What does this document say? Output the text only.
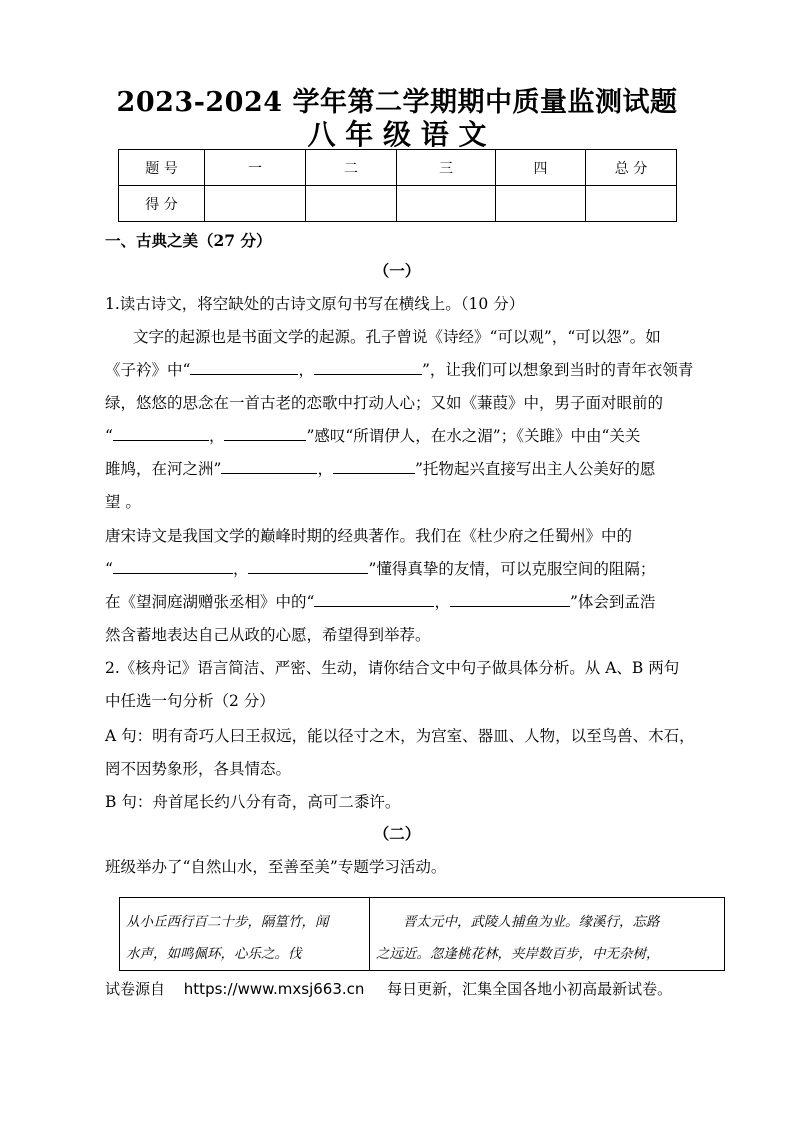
2023-2024 学年第二学期期中质量监测试题
八 年 级 语 文
题 号	一	二	三	四	总 分
得 分					
一、古典之美（27 分）
（一）
1.读古诗文，将空缺处的古诗文原句书写在横线上。（10 分）
文字的起源也是书面文学的起源。孔子曾说《诗经》“可以观”，“可以怨”。如
《子衿》中“	，	”，让我们可以想象到当时的青年衣领青
绿，悠悠的思念在一首古老的恋歌中打动人心；又如《蒹葭》中，男子面对眼前的
“	，	”感叹“所谓伊人，在水之湄”；《关雎》中由“关关
雎鸠，在河之洲”	，	”托物起兴直接写出主人公美好的愿
望 。
唐宋诗文是我国文学的巅峰时期的经典著作。我们在《杜少府之任蜀州》中的
“	，	”懂得真挚的友情，可以克服空间的阻隔；
在《望洞庭湖赠张丞相》中的“	，	”体会到孟浩
然含蓄地表达自己从政的心愿，希望得到举荐。
2.《核舟记》语言简洁、严密、生动，请你结合文中句子做具体分析。从 A、B 两句
中任选一句分析（2 分）
A 句：明有奇巧人曰王叔远，能以径寸之木，为宫室、器皿、人物，以至鸟兽、木石，
罔不因势象形，各具情态。
B 句：舟首尾长约八分有奇，高可二黍许。
（二）
班级举办了“自然山水，至善至美”专题学习活动。
从小丘西行百二十步，隔篁竹，闻
水声，如鸣佩环，心乐之。伐

　　晋太元中，武陵人捕鱼为业。缘溪行，忘路
之远近。忽逢桃花林，夹岸数百步，中无杂树，
试卷源自 https://www.mxsj663.cn 每日更新，汇集全国各地小初高最新试卷。
